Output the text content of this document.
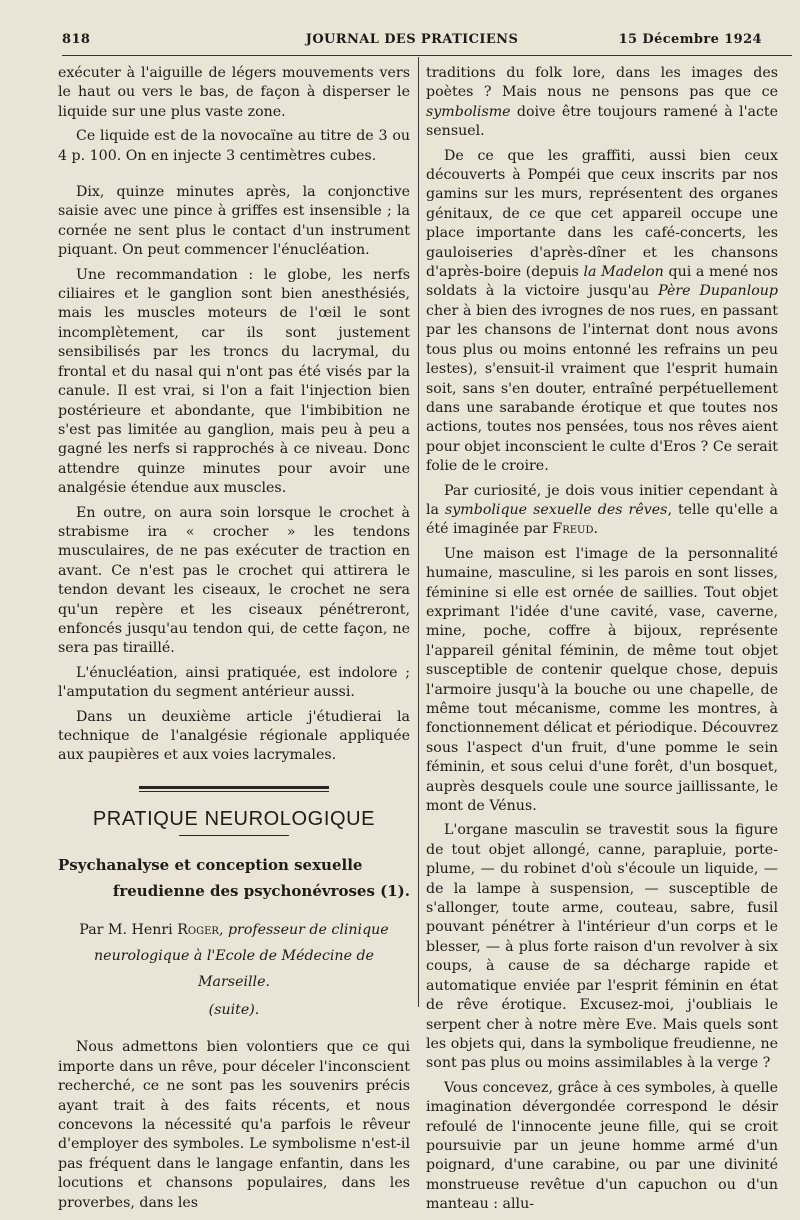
818	JOURNAL DES PRATICIENS	15 Décembre 1924

exécuter à l'aiguille de légers mouvements vers le haut ou vers le bas, de façon à disperser le liquide sur une plus vaste zone.

Ce liquide est de la novocaïne au titre de 3 ou 4 p. 100. On en injecte 3 centimètres cubes.

Dix, quinze minutes après, la conjonctive saisie avec une pince à griffes est insensible ; la cornée ne sent plus le contact d'un instrument piquant. On peut commencer l'énucléation.

Une recommandation : le globe, les nerfs ciliaires et le ganglion sont bien anesthésiés, mais les muscles moteurs de l'œil le sont incomplètement, car ils sont justement sensibilisés par les troncs du lacrymal, du frontal et du nasal qui n'ont pas été visés par la canule. Il est vrai, si l'on a fait l'injection bien postérieure et abondante, que l'imbibition ne s'est pas limitée au ganglion, mais peu à peu a gagné les nerfs si rapprochés à ce niveau. Donc attendre quinze minutes pour avoir une analgésie étendue aux muscles.

En outre, on aura soin lorsque le crochet à strabisme ira « crocher » les tendons musculaires, de ne pas exécuter de traction en avant. Ce n'est pas le crochet qui attirera le tendon devant les ciseaux, le crochet ne sera qu'un repère et les ciseaux pénétreront, enfoncés jusqu'au tendon qui, de cette façon, ne sera pas tiraillé.

L'énucléation, ainsi pratiquée, est indolore ; l'amputation du segment antérieur aussi.

Dans un deuxième article j'étudierai la technique de l'analgésie régionale appliquée aux paupières et aux voies lacrymales.

PRATIQUE NEUROLOGIQUE
Psychanalyse et conception sexuelle
freudienne des psychonévroses (1).
Par M. Henri Roger, professeur de clinique neurologique à l'Ecole de Médecine de Marseille.
(suite).

Nous admettons bien volontiers que ce qui importe dans un rêve, pour déceler l'inconscient recherché, ce ne sont pas les souvenirs précis ayant trait à des faits récents, et nous concevons la nécessité qu'a parfois le rêveur d'employer des symboles. Le symbolisme n'est-il pas fréquent dans le langage enfantin, dans les locutions et chansons populaires, dans les proverbes, dans les

traditions du folk lore, dans les images des poètes ? Mais nous ne pensons pas que ce symbolisme doive être toujours ramené à l'acte sensuel.

De ce que les graffiti, aussi bien ceux découverts à Pompéi que ceux inscrits par nos gamins sur les murs, représentent des organes génitaux, de ce que cet appareil occupe une place importante dans les café-concerts, les gauloiseries d'après-dîner et les chansons d'après-boire (depuis la Madelon qui a mené nos soldats à la victoire jusqu'au Père Dupanloup cher à bien des ivrognes de nos rues, en passant par les chansons de l'internat dont nous avons tous plus ou moins entonné les refrains un peu lestes), s'ensuit-il vraiment que l'esprit humain soit, sans s'en douter, entraîné perpétuellement dans une sarabande érotique et que toutes nos actions, toutes nos pensées, tous nos rêves aient pour objet inconscient le culte d'Eros ? Ce serait folie de le croire.

Par curiosité, je dois vous initier cependant à la symbolique sexuelle des rêves, telle qu'elle a été imaginée par Freud.

Une maison est l'image de la personnalité humaine, masculine, si les parois en sont lisses, féminine si elle est ornée de saillies. Tout objet exprimant l'idée d'une cavité, vase, caverne, mine, poche, coffre à bijoux, représente l'appareil génital féminin, de même tout objet susceptible de contenir quelque chose, depuis l'armoire jusqu'à la bouche ou une chapelle, de même tout mécanisme, comme les montres, à fonctionnement délicat et périodique. Découvrez sous l'aspect d'un fruit, d'une pomme le sein féminin, et sous celui d'une forêt, d'un bosquet, auprès desquels coule une source jaillissante, le mont de Vénus.

L'organe masculin se travestit sous la figure de tout objet allongé, canne, parapluie, porte-plume, — du robinet d'où s'écoule un liquide, — de la lampe à suspension, — susceptible de s'allonger, toute arme, couteau, sabre, fusil pouvant pénétrer à l'intérieur d'un corps et le blesser, — à plus forte raison d'un revolver à six coups, à cause de sa décharge rapide et automatique enviée par l'esprit féminin en état de rêve érotique. Excusez-moi, j'oubliais le serpent cher à notre mère Eve. Mais quels sont les objets qui, dans la symbolique freudienne, ne sont pas plus ou moins assimilables à la verge ?

Vous concevez, grâce à ces symboles, à quelle imagination dévergondée correspond le désir refoulé de l'innocente jeune fille, qui se croit poursuivie par un jeune homme armé d'un poignard, d'une carabine, ou par une divinité monstrueuse revêtue d'un capuchon ou d'un manteau : allu-
